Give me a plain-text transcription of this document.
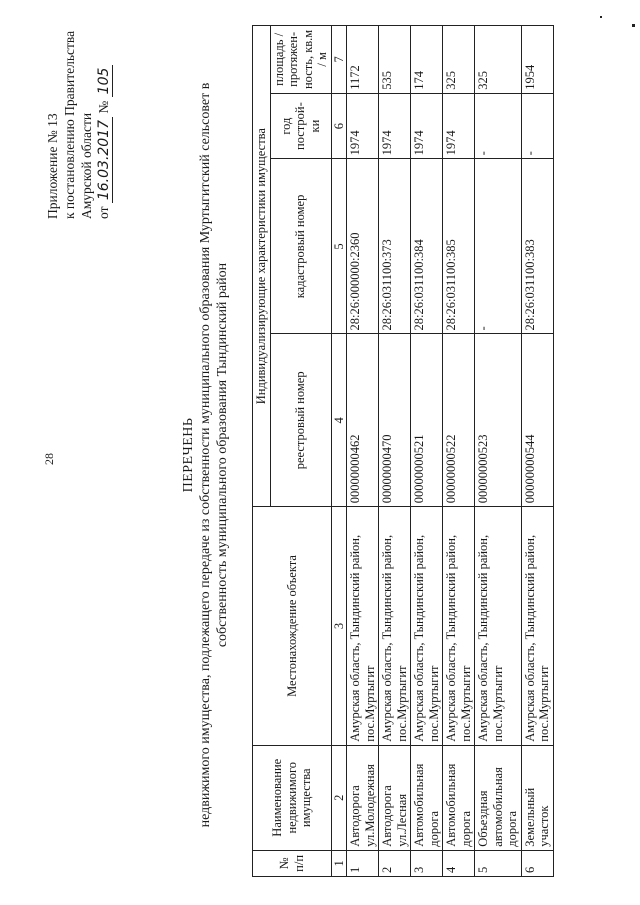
28
Приложение № 13 к постановлению Правительства Амурской области от 16.03.2017 № 105
ПЕРЕЧЕНЬ недвижимого имущества, подлежащего передаче из собственности муниципального образования Муртыгитский сельсовет в собственность муниципального образования Тындинский район
№ п/п	Наименование недвижимого имущества	Местонахождение объекта	Индивидуализирующие характеристики имущества			
			реестровый номер	кадастровый номер	год построй- ки	площадь / протяжен- ность, кв.м / м
1	2	3	4	5	6	7
1	Автодорога ул.Молодежная	Амурская область, Тындинский район, пос.Муртыгит	00000000462	28:26:000000:2360	1974	1172
2	Автодорога ул.Лесная	Амурская область, Тындинский район, пос.Муртыгит	00000000470	28:26:031100:373	1974	535
3	Автомобильная дорога	Амурская область, Тындинский район, пос.Муртыгит	00000000521	28:26:031100:384	1974	174
4	Автомобильная дорога	Амурская область, Тындинский район, пос.Муртыгит	00000000522	28:26:031100:385	1974	325
5	Объездная автомобильная дорога	Амурская область, Тындинский район, пос.Муртыгит	00000000523	-	-	325
6	Земельный участок	Амурская область, Тындинский район, пос.Муртыгит	00000000544	28:26:031100:383	-	1954
